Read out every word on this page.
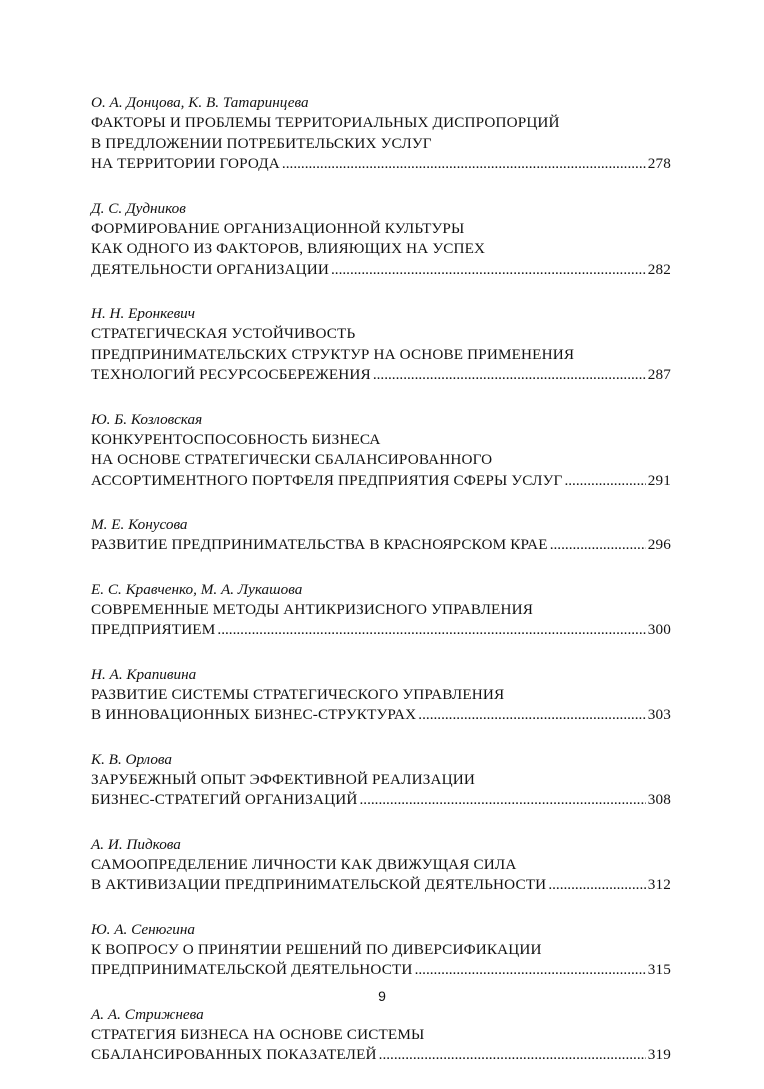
О. А. Донцова, К. В. Татаринцева
ФАКТОРЫ И ПРОБЛЕМЫ ТЕРРИТОРИАЛЬНЫХ ДИСПРОПОРЦИЙ
В ПРЕДЛОЖЕНИИ ПОТРЕБИТЕЛЬСКИХ УСЛУГ
НА ТЕРРИТОРИИ ГОРОДА .....	278
Д. С. Дудников
ФОРМИРОВАНИЕ ОРГАНИЗАЦИОННОЙ КУЛЬТУРЫ
КАК ОДНОГО ИЗ ФАКТОРОВ, ВЛИЯЮЩИХ НА УСПЕХ
ДЕЯТЕЛЬНОСТИ ОРГАНИЗАЦИИ .....	282
Н. Н. Еронкевич
СТРАТЕГИЧЕСКАЯ УСТОЙЧИВОСТЬ
ПРЕДПРИНИМАТЕЛЬСКИХ СТРУКТУР НА ОСНОВЕ ПРИМЕНЕНИЯ
ТЕХНОЛОГИЙ РЕСУРСОСБЕРЕЖЕНИЯ .....	287
Ю. Б. Козловская
КОНКУРЕНТОСПОСОБНОСТЬ БИЗНЕСА
НА ОСНОВЕ СТРАТЕГИЧЕСКИ СБАЛАНСИРОВАННОГО
АССОРТИМЕНТНОГО ПОРТФЕЛЯ ПРЕДПРИЯТИЯ СФЕРЫ УСЛУГ .....	291
М. Е. Конусова
РАЗВИТИЕ ПРЕДПРИНИМАТЕЛЬСТВА В КРАСНОЯРСКОМ КРАЕ .....	296
Е. С. Кравченко, М. А. Лукашова
СОВРЕМЕННЫЕ МЕТОДЫ АНТИКРИЗИСНОГО УПРАВЛЕНИЯ
ПРЕДПРИЯТИЕМ .....	300
Н. А. Крапивина
РАЗВИТИЕ СИСТЕМЫ СТРАТЕГИЧЕСКОГО УПРАВЛЕНИЯ
В ИННОВАЦИОННЫХ БИЗНЕС-СТРУКТУРАХ .....	303
К. В. Орлова
ЗАРУБЕЖНЫЙ ОПЫТ ЭФФЕКТИВНОЙ РЕАЛИЗАЦИИ
БИЗНЕС-СТРАТЕГИЙ ОРГАНИЗАЦИЙ .....	308
А. И. Пидкова
САМООПРЕДЕЛЕНИЕ ЛИЧНОСТИ КАК ДВИЖУЩАЯ СИЛА
В АКТИВИЗАЦИИ ПРЕДПРИНИМАТЕЛЬСКОЙ ДЕЯТЕЛЬНОСТИ .....	312
Ю. А. Сенюгина
К ВОПРОСУ О ПРИНЯТИИ РЕШЕНИЙ ПО ДИВЕРСИФИКАЦИИ
ПРЕДПРИНИМАТЕЛЬСКОЙ ДЕЯТЕЛЬНОСТИ .....	315
А. А. Стрижнева
СТРАТЕГИЯ БИЗНЕСА НА ОСНОВЕ СИСТЕМЫ
СБАЛАНСИРОВАННЫХ ПОКАЗАТЕЛЕЙ .....	319
9
